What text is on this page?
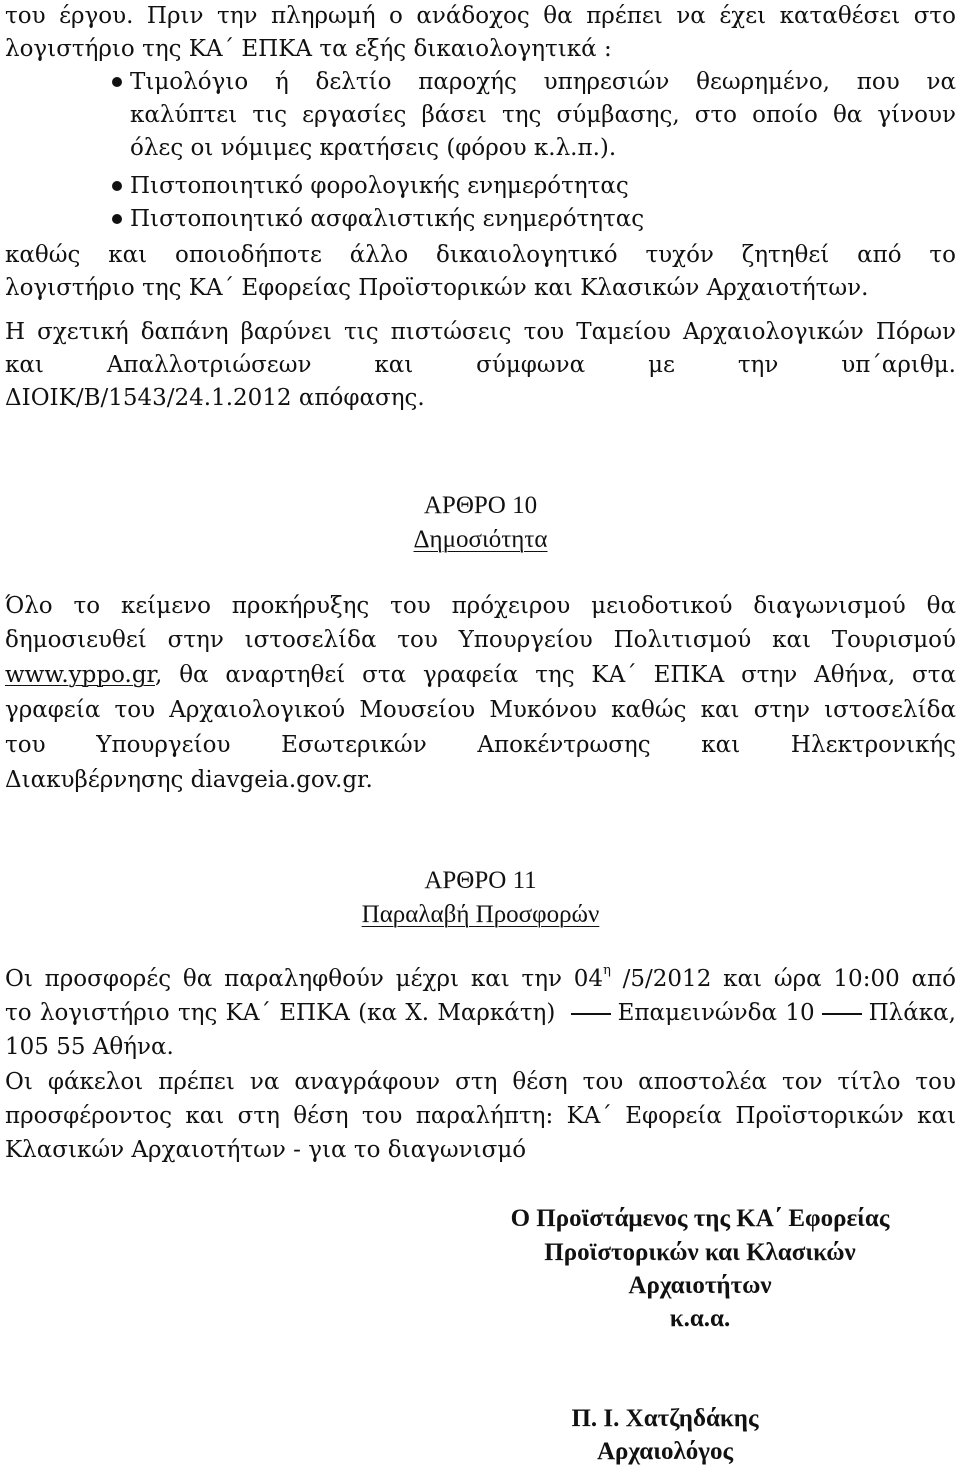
του έργου. Πριν την πληρωμή ο ανάδοχος θα πρέπει να έχει καταθέσει στο
λογιστήριο της ΚΑ΄ ΕΠΚΑ τα εξής δικαιολογητικά :
Τιμολόγιο ή δελτίο παροχής υπηρεσιών θεωρημένο, που να
καλύπτει τις εργασίες βάσει της σύμβασης, στο οποίο θα γίνουν
όλες οι νόμιμες κρατήσεις (φόρου κ.λ.π.).
Πιστοποιητικό φορολογικής ενημερότητας
Πιστοποιητικό ασφαλιστικής ενημερότητας
καθώς και οποιοδήποτε άλλο δικαιολογητικό τυχόν ζητηθεί από το
λογιστήριο της ΚΑ΄ Εφορείας Προϊστορικών και Κλασικών Αρχαιοτήτων.
Η σχετική δαπάνη βαρύνει τις πιστώσεις του Ταμείου Αρχαιολογικών Πόρων
και Απαλλοτριώσεων και σύμφωνα με την υπ΄αριθμ.
ΔΙΟΙΚ/Β/1543/24.1.2012 απόφασης.
ΑΡΘΡΟ 10
Δημοσιότητα
Όλο το κείμενο προκήρυξης του πρόχειρου μειοδοτικού διαγωνισμού θα
δημοσιευθεί στην ιστοσελίδα του Υπουργείου Πολιτισμού και Τουρισμού
www.yppo.gr, θα αναρτηθεί στα γραφεία της ΚΑ΄ ΕΠΚΑ στην Αθήνα, στα
γραφεία του Αρχαιολογικού Μουσείου Μυκόνου καθώς και στην ιστοσελίδα
του Υπουργείου Εσωτερικών Αποκέντρωσης και Ηλεκτρονικής
Διακυβέρνησης diavgeia.gov.gr.
ΑΡΘΡΟ 11
Παραλαβή Προσφορών
Οι προσφορές θα παραληφθούν μέχρι και την $04^\eta$ /5/2012 και ώρα 10:00 από
το λογιστήριο της ΚΑ΄ ΕΠΚΑ (κα Χ. Μαρκάτη)	Επαμεινώνδα 10 Πλάκα,
105 55 Αθήνα.
Οι φάκελοι πρέπει να αναγράφουν στη θέση του αποστολέα τον τίτλο του
προσφέροντος και στη θέση του παραλήπτη: ΚΑ΄ Εφορεία Προϊστορικών και
Κλασικών Αρχαιοτήτων - για το διαγωνισμό
Ο Προϊστάμενος της ΚΑ΄ Εφορείας
Προϊστορικών και Κλασικών
Αρχαιοτήτων
κ.α.α.
Π. Ι. Χατζηδάκης
Αρχαιολόγος
